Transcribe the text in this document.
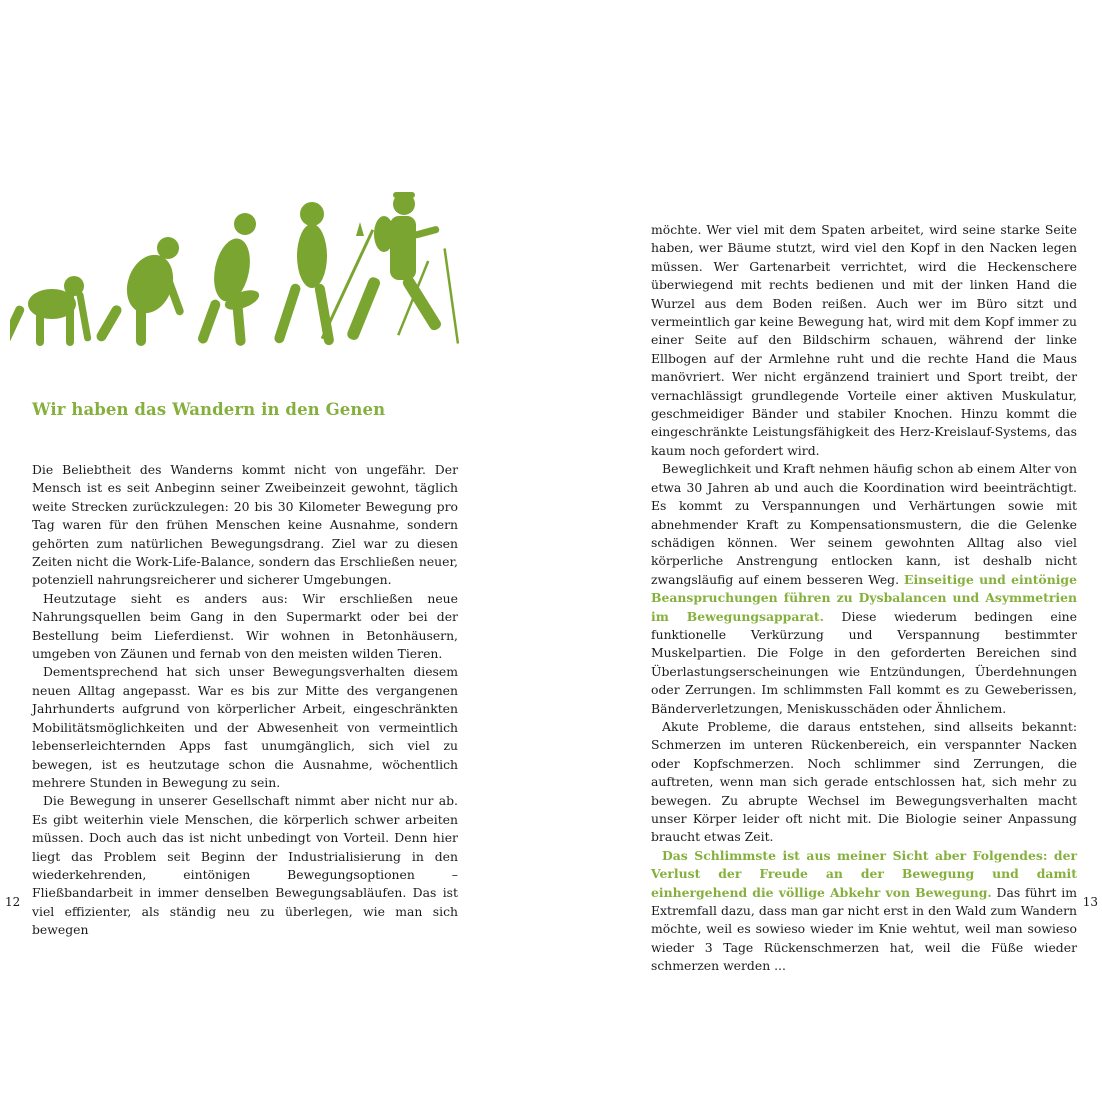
Wir haben das Wandern in den Genen

Die Beliebtheit des Wanderns kommt nicht von ungefähr. Der Mensch ist es seit Anbeginn seiner Zweibeinzeit gewohnt, täglich weite Strecken zurückzulegen: 20 bis 30 Kilometer Bewegung pro Tag waren für den frühen Menschen keine Ausnahme, sondern gehörten zum natürlichen Bewegungsdrang. Ziel war zu diesen Zeiten nicht die Work-Life-Balance, sondern das Erschließen neuer, potenziell nahrungsreicherer und sicherer Umgebungen.

Heutzutage sieht es anders aus: Wir erschließen neue Nahrungsquellen beim Gang in den Supermarkt oder bei der Bestellung beim Lieferdienst. Wir wohnen in Betonhäusern, umgeben von Zäunen und fernab von den meisten wilden Tieren.

Dementsprechend hat sich unser Bewegungsverhalten diesem neuen Alltag angepasst. War es bis zur Mitte des vergangenen Jahrhunderts aufgrund von körperlicher Arbeit, eingeschränkten Mobilitätsmöglichkeiten und der Abwesenheit von vermeintlich lebenserleichternden Apps fast unumgänglich, sich viel zu bewegen, ist es heutzutage schon die Ausnahme, wöchentlich mehrere Stunden in Bewegung zu sein.

Die Bewegung in unserer Gesellschaft nimmt aber nicht nur ab. Es gibt weiterhin viele Menschen, die körperlich schwer arbeiten müssen. Doch auch das ist nicht unbedingt von Vorteil. Denn hier liegt das Problem seit Beginn der Industrialisierung in den wiederkehrenden, eintönigen Bewegungsoptionen – Fließbandarbeit in immer denselben Bewegungsabläufen. Das ist viel effizienter, als ständig neu zu überlegen, wie man sich bewegen

12

möchte. Wer viel mit dem Spaten arbeitet, wird seine starke Seite haben, wer Bäume stutzt, wird viel den Kopf in den Nacken legen müssen. Wer Gartenarbeit verrichtet, wird die Heckenschere überwiegend mit rechts bedienen und mit der linken Hand die Wurzel aus dem Boden reißen. Auch wer im Büro sitzt und vermeintlich gar keine Bewegung hat, wird mit dem Kopf immer zu einer Seite auf den Bildschirm schauen, während der linke Ellbogen auf der Armlehne ruht und die rechte Hand die Maus manövriert. Wer nicht ergänzend trainiert und Sport treibt, der vernachlässigt grundlegende Vorteile einer aktiven Muskulatur, geschmeidiger Bänder und stabiler Knochen. Hinzu kommt die eingeschränkte Leistungsfähigkeit des Herz-Kreislauf-Systems, das kaum noch gefordert wird.

Beweglichkeit und Kraft nehmen häufig schon ab einem Alter von etwa 30 Jahren ab und auch die Koordination wird beeinträchtigt. Es kommt zu Verspannungen und Verhärtungen sowie mit abnehmender Kraft zu Kompensationsmustern, die die Gelenke schädigen können. Wer seinem gewohnten Alltag also viel körperliche Anstrengung entlocken kann, ist deshalb nicht zwangsläufig auf einem besseren Weg. Einseitige und eintönige Beanspruchungen führen zu Dysbalancen und Asymmetrien im Bewegungsapparat. Diese wiederum bedingen eine funktionelle Verkürzung und Verspannung bestimmter Muskelpartien. Die Folge in den geforderten Bereichen sind Überlastungserscheinungen wie Entzündungen, Überdehnungen oder Zerrungen. Im schlimmsten Fall kommt es zu Geweberissen, Bänderverletzungen, Meniskusschäden oder Ähnlichem.

Akute Probleme, die daraus entstehen, sind allseits bekannt: Schmerzen im unteren Rückenbereich, ein verspannter Nacken oder Kopfschmerzen. Noch schlimmer sind Zerrungen, die auftreten, wenn man sich gerade entschlossen hat, sich mehr zu bewegen. Zu abrupte Wechsel im Bewegungsverhalten macht unser Körper leider oft nicht mit. Die Biologie seiner Anpassung braucht etwas Zeit.

Das Schlimmste ist aus meiner Sicht aber Folgendes: der Verlust der Freude an der Bewegung und damit einhergehend die völlige Abkehr von Bewegung. Das führt im Extremfall dazu, dass man gar nicht erst in den Wald zum Wandern möchte, weil es sowieso wieder im Knie wehtut, weil man sowieso wieder 3 Tage Rückenschmerzen hat, weil die Füße wieder schmerzen werden ...

13
